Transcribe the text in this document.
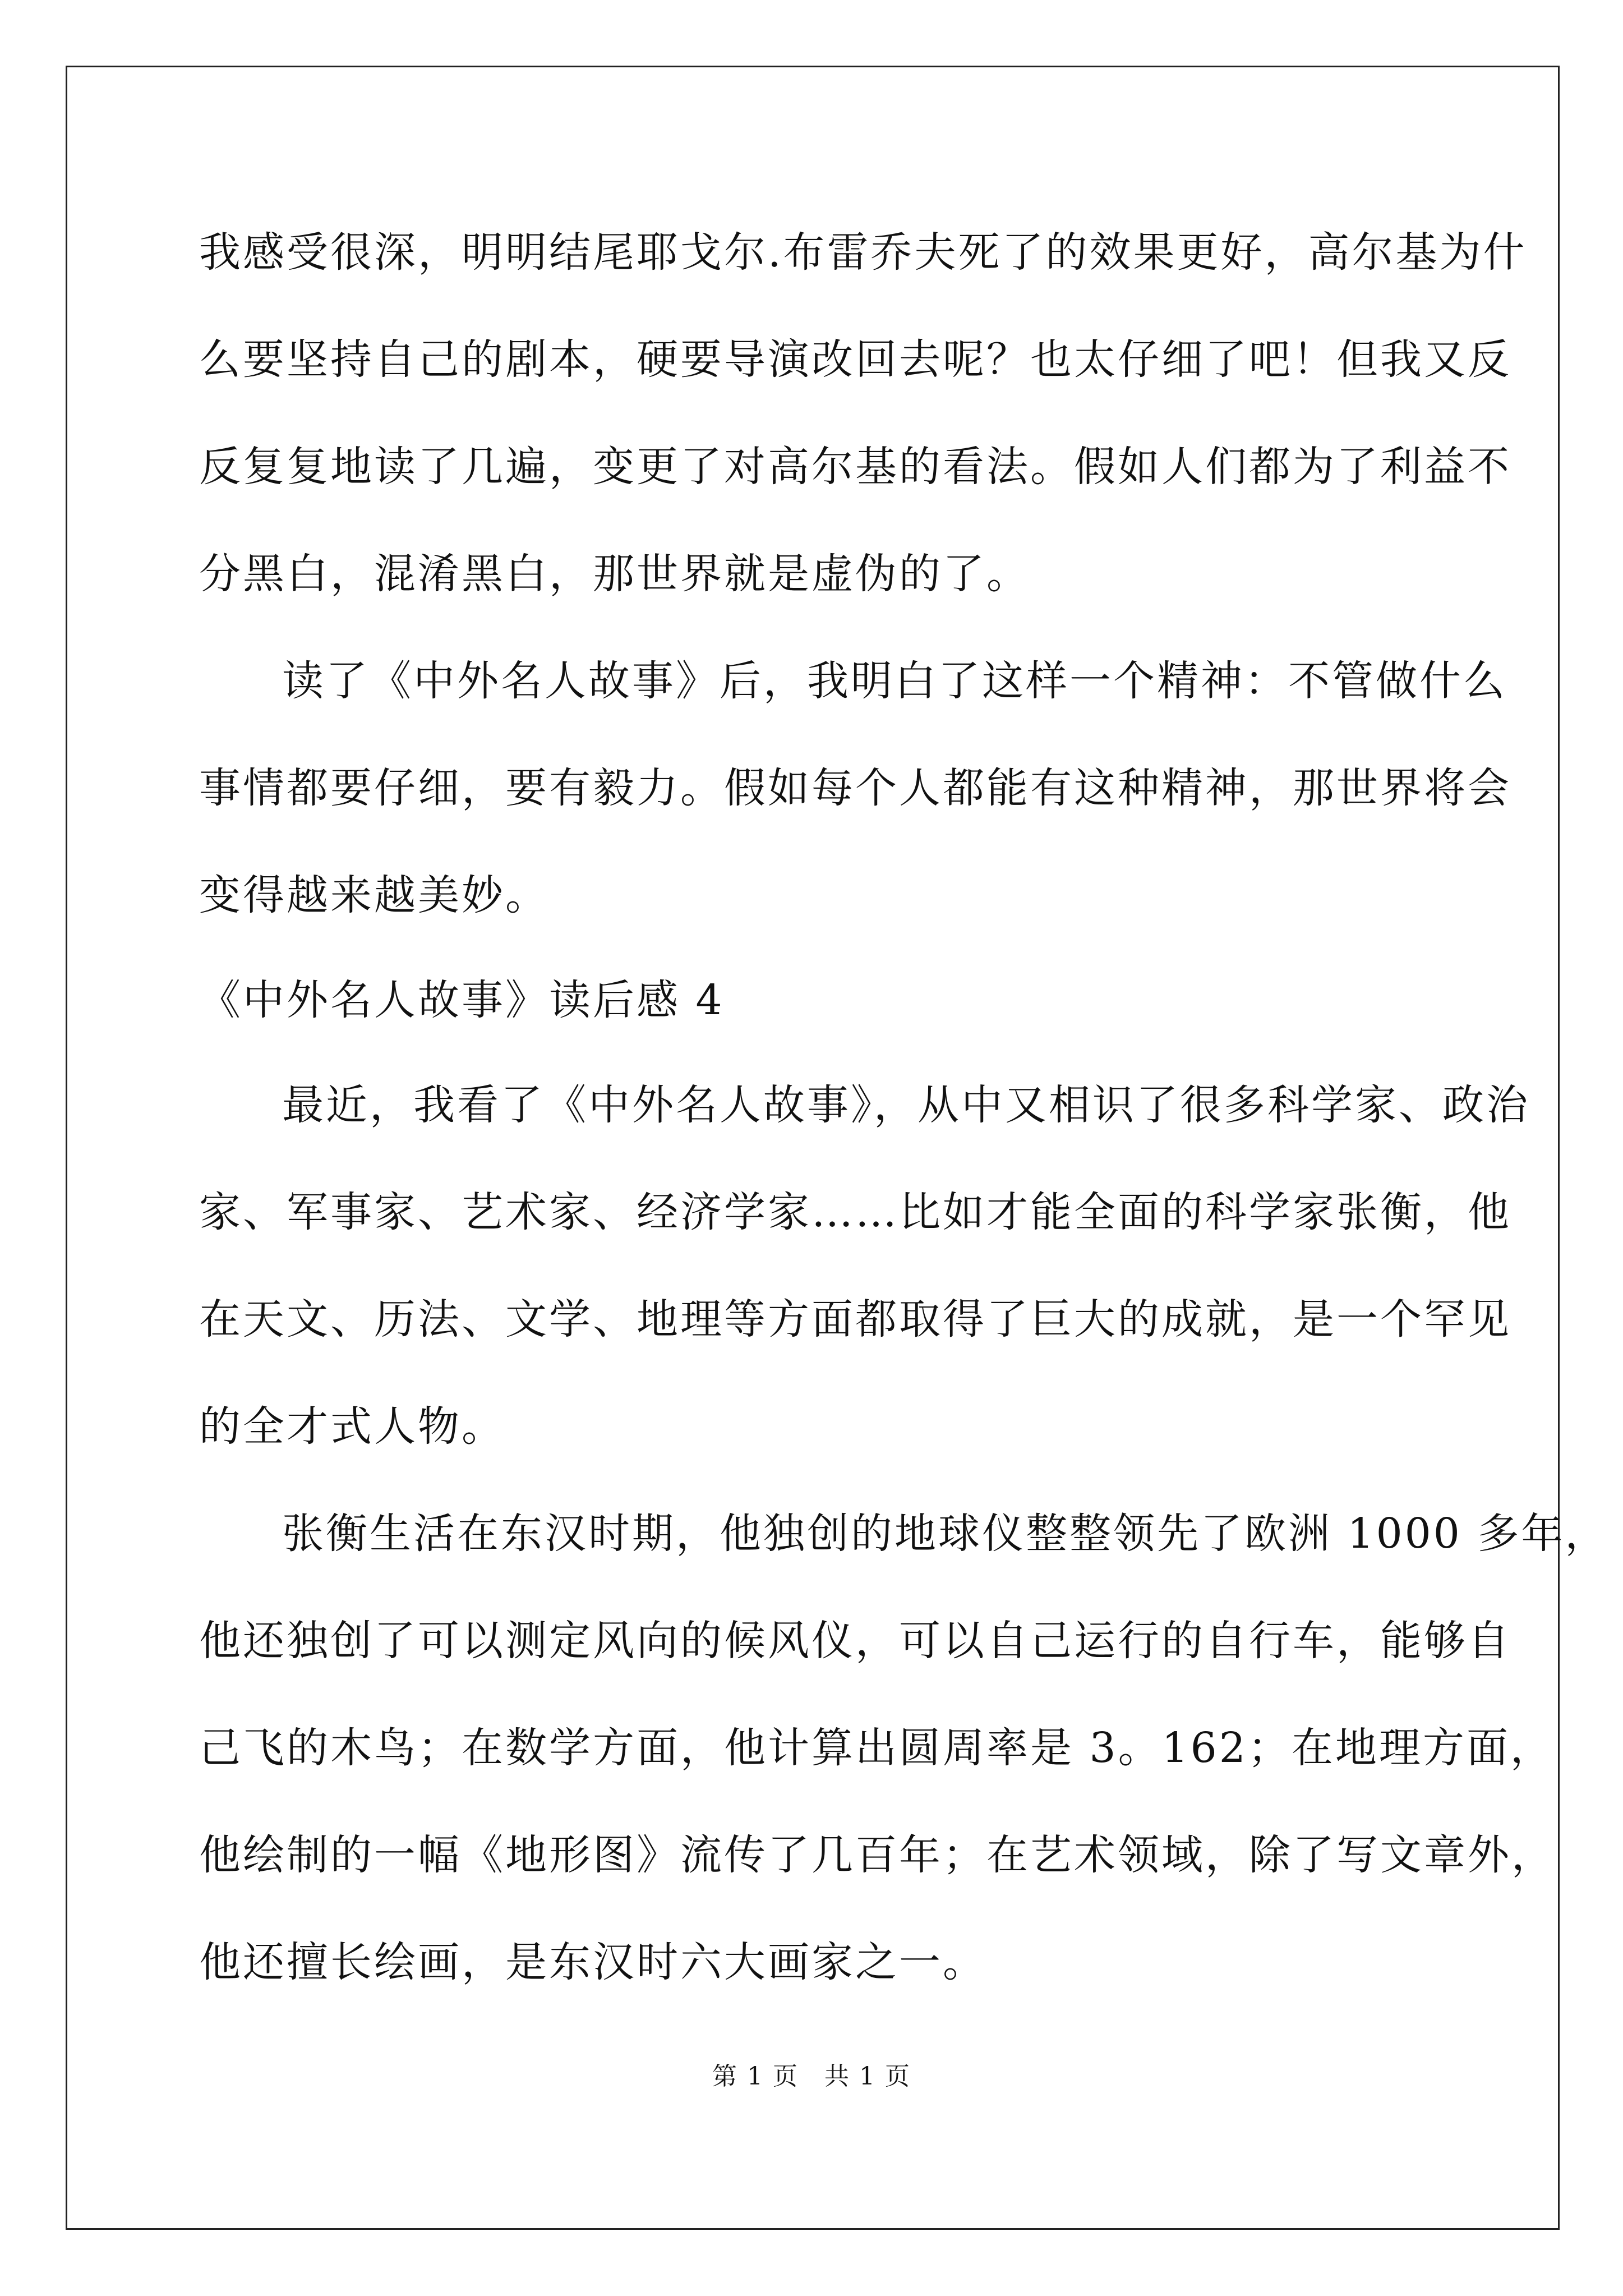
我感受很深，明明结尾耶戈尔.布雷乔夫死了的效果更好，高尔基为什
么要坚持自己的剧本，硬要导演改回去呢？也太仔细了吧！但我又反
反复复地读了几遍，变更了对高尔基的看法。假如人们都为了利益不
分黑白，混淆黑白，那世界就是虚伪的了。
读了《中外名人故事》后，我明白了这样一个精神：不管做什么
事情都要仔细，要有毅力。假如每个人都能有这种精神，那世界将会
变得越来越美妙。
《中外名人故事》读后感 4
最近，我看了《中外名人故事》，从中又相识了很多科学家、政治
家、军事家、艺术家、经济学家……比如才能全面的科学家张衡，他
在天文、历法、文学、地理等方面都取得了巨大的成就，是一个罕见
的全才式人物。
张衡生活在东汉时期，他独创的地球仪整整领先了欧洲 1000 多年，
他还独创了可以测定风向的候风仪，可以自己运行的自行车，能够自
己飞的木鸟；在数学方面，他计算出圆周率是 3。162；在地理方面，
他绘制的一幅《地形图》流传了几百年；在艺术领域，除了写文章外，
他还擅长绘画，是东汉时六大画家之一。
第 1 页　共 1 页
